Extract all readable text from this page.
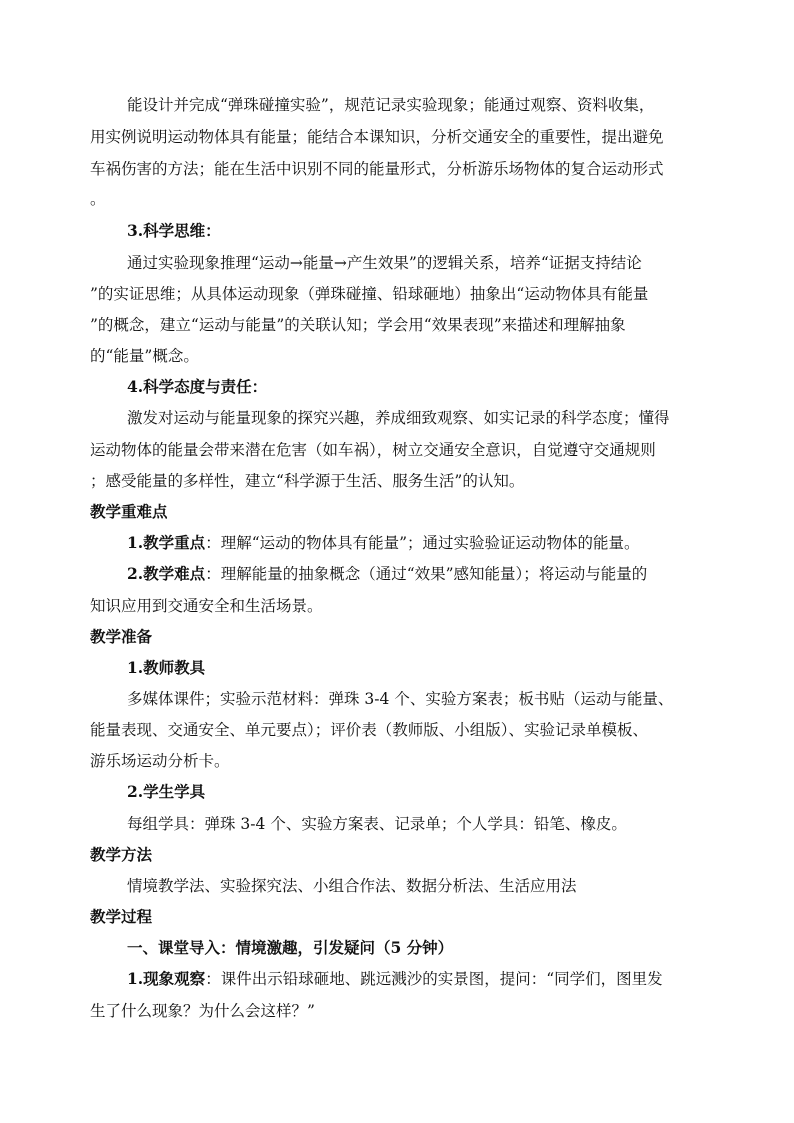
能设计并完成“弹珠碰撞实验”，规范记录实验现象；能通过观察、资料收集，
用实例说明运动物体具有能量；能结合本课知识，分析交通安全的重要性，提出避免
车祸伤害的方法；能在生活中识别不同的能量形式，分析游乐场物体的复合运动形式
。
3.科学思维：
通过实验现象推理“运动→能量→产生效果”的逻辑关系，培养“证据支持结论
”的实证思维；从具体运动现象（弹珠碰撞、铅球砸地）抽象出“运动物体具有能量
”的概念，建立“运动与能量”的关联认知；学会用“效果表现”来描述和理解抽象
的“能量”概念。
4.科学态度与责任：
激发对运动与能量现象的探究兴趣，养成细致观察、如实记录的科学态度；懂得
运动物体的能量会带来潜在危害（如车祸），树立交通安全意识，自觉遵守交通规则
；感受能量的多样性，建立“科学源于生活、服务生活”的认知。
教学重难点
1.教学重点：理解“运动的物体具有能量”；通过实验验证运动物体的能量。
2.教学难点：理解能量的抽象概念（通过“效果”感知能量）；将运动与能量的
知识应用到交通安全和生活场景。
教学准备
1.教师教具
多媒体课件；实验示范材料：弹珠 3-4 个、实验方案表；板书贴（运动与能量、
能量表现、交通安全、单元要点）；评价表（教师版、小组版）、实验记录单模板、
游乐场运动分析卡。
2.学生学具
每组学具：弹珠 3-4 个、实验方案表、记录单；个人学具：铅笔、橡皮。
教学方法
情境教学法、实验探究法、小组合作法、数据分析法、生活应用法
教学过程
一、课堂导入：情境激趣，引发疑问（5 分钟）
1.现象观察：课件出示铅球砸地、跳远溅沙的实景图，提问：“同学们，图里发
生了什么现象？为什么会这样？”
